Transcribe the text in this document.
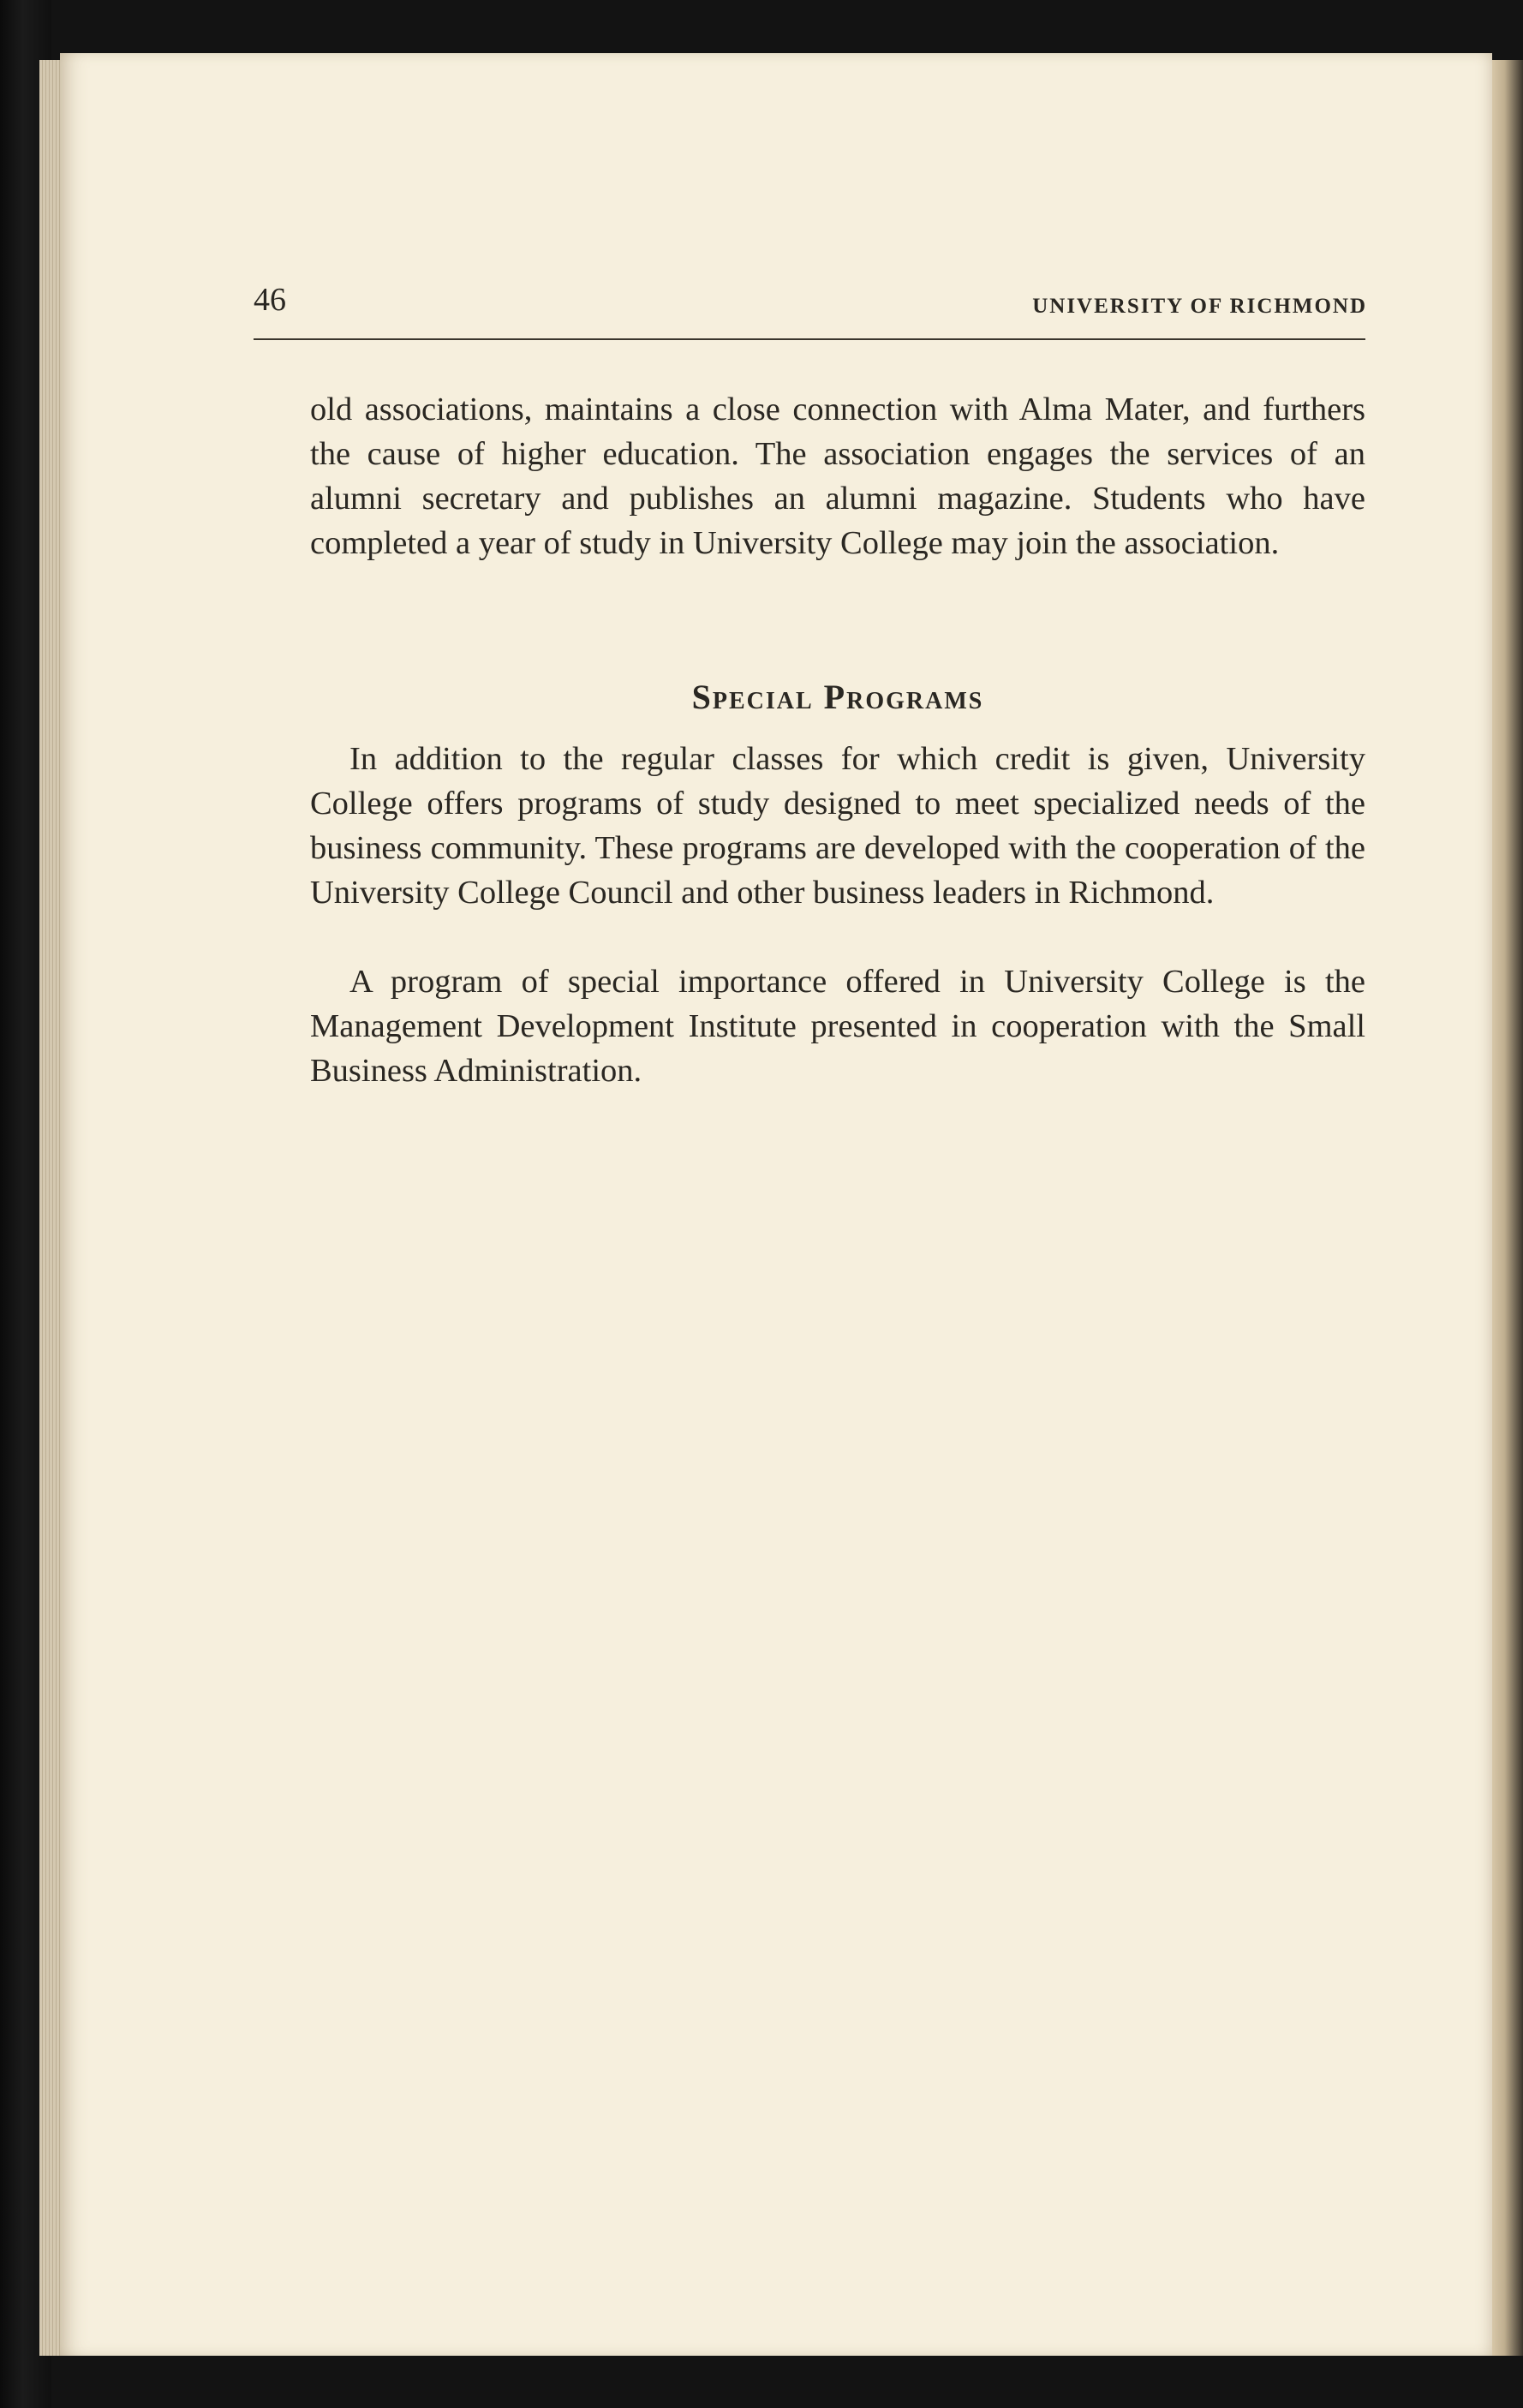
46	UNIVERSITY OF RICHMOND

old associations, maintains a close connection with Alma Mater, and furthers the cause of higher education. The association engages the services of an alumni secretary and publishes an alumni magazine. Students who have completed a year of study in University College may join the association.

Special Programs

In addition to the regular classes for which credit is given, University College offers programs of study designed to meet specialized needs of the business community. These programs are developed with the cooperation of the University College Council and other business leaders in Richmond.

A program of special importance offered in University College is the Management Development Institute presented in cooperation with the Small Business Administration.
